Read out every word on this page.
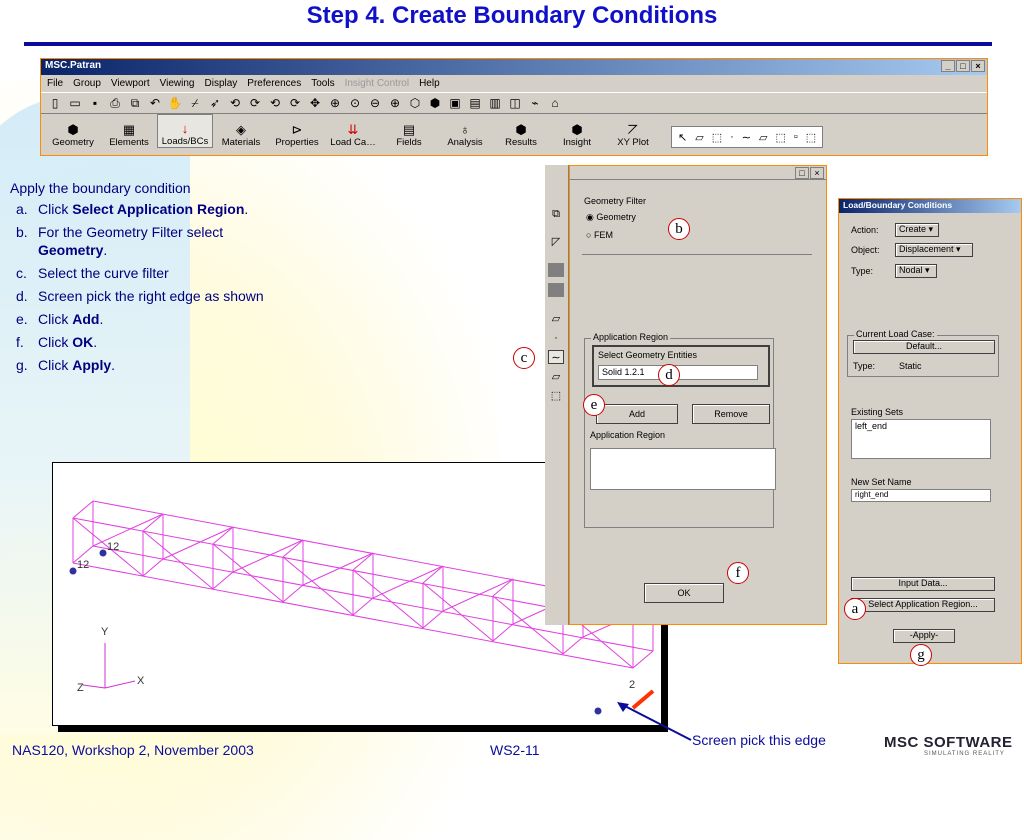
Step 4. Create Boundary Conditions
MSC.Patran	_	□	×
File Group Viewport Viewing Display Preferences Tools Insight Control Help
▯ ▭	▪	⎙ ⧉ ↶ ✋ ⌿ ➶ ⟲ ⟳ ⟲ ⟳ ✥ ⊕ ⊙ ⊖ ⊕ ⬡ ⬢ ▣ ▤ ▥ ◫ ⌁	⌂
⬢
Geometry
▦
Elements
↓
Loads/BCs
◈
Materials
⊳
Properties
⇊
Load Ca…
▤
Fields
♁
Analysis
⬢
Results
⬢
Insight
⦢
XY Plot	↖ ▱ ⬚ · ∼ ▱ ⬚ ▫ ⬚
Apply the boundary condition
a. Click Select Application Region.
b. For the Geometry Filter select Geometry.
c. Select the curve filter
d. Screen pick the right edge as shown
e. Click Add.
f. Click OK.
g. Click Apply.
12
12
2
Y
Z
X
⧉
◸
▱
·
∼
▱
⬚
□	×
Geometry Filter
◉ Geometry
○ FEM
Application Region
Select Geometry Entities
Solid 1.2.1
Add	Remove
Application Region
OK
Load/Boundary Conditions
Action:	Create ▾
Object:	Displacement ▾
Type:	Nodal ▾
Current Load Case:
Default...
Type:	Static
Existing Sets
left_end
New Set Name
right_end
Input Data...
Select Application Region...
-Apply-
b
c
d
e
f
a
g
Screen pick this edge
NAS120, Workshop 2, November 2003	WS2-11	MSC SOFTWARE
SIMULATING REALITY
